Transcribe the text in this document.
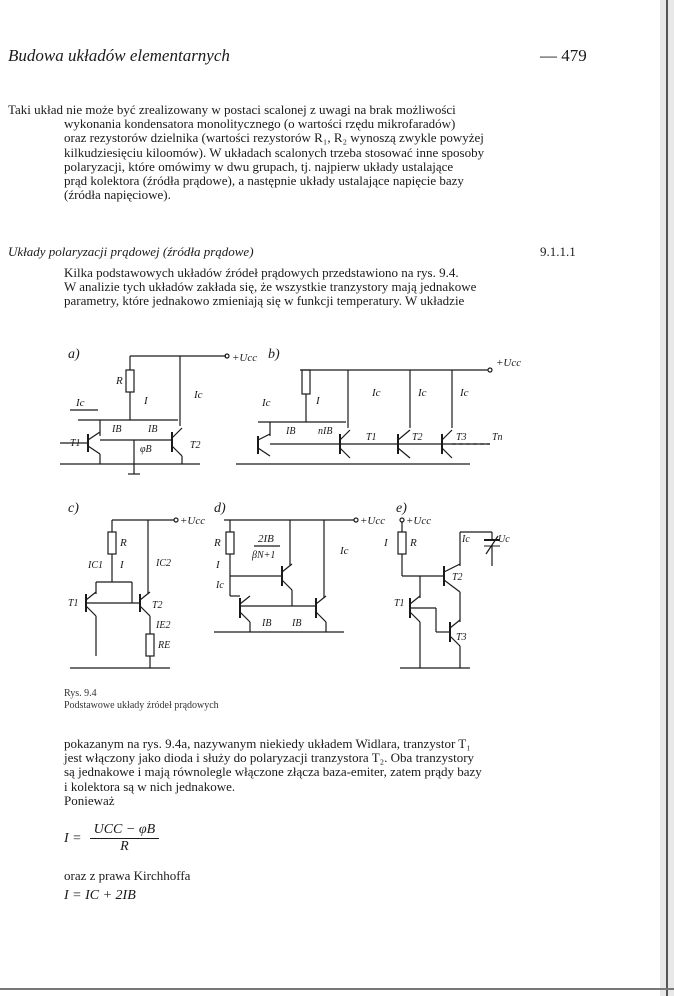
Budowa układów elementarnych	— 479

Taki układ nie może być zrealizowany w postaci scalonej z uwagi na brak możliwości

wykonania kondensatora monolitycznego (o wartości rzędu mikrofaradów)

oraz rezystorów dzielnika (wartości rezystorów R₁, R₂ wynoszą zwykle powyżej

kilkudziesięciu kiloomów). W układach scalonych trzeba stosować inne sposoby

polaryzacji, które omówimy w dwu grupach, tj. najpierw układy ustalające

prąd kolektora (źródła prądowe), a następnie układy ustalające napięcie bazy

(źródła napięciowe).

Układy polaryzacji prądowej (źródła prądowe)	9.1.1.1

Kilka podstawowych układów źródeł prądowych przedstawiono na rys. 9.4.

W analizie tych układów zakłada się, że wszystkie tranzystory mają jednakowe

parametry, które jednakowo zmieniają się w funkcji temperatury. W układzie

a)	+Ucc
R
Ic	I	Ic
IB	IB
φB
T1	T2
b)
+Ucc
Ic	I
Ic	Ic	Ic
IB nIB
T1	T2	T3	Tn
c)
+Ucc
R
RE
IC1 I	IC2
IE2
T1	T2
d)
+Ucc
R	2IB
βN+1
I
Ic
Ic
IB IB
e)
+Ucc
R
I	Uc
Ic
T2
T1
T3
Rys. 9.4
Podstawowe układy źródeł prądowych

pokazanym na rys. 9.4a, nazywanym niekiedy układem Widlara, tranzystor T₁

jest włączony jako dioda i służy do polaryzacji tranzystora T₂. Oba tranzystory

są jednakowe i mają równolegle włączone złącza baza-emiter, zatem prądy bazy

i kolektora są w nich jednakowe.

Ponieważ

I =
UCC − φB
R
oraz z prawa Kirchhoffa
I = IC + 2IB
